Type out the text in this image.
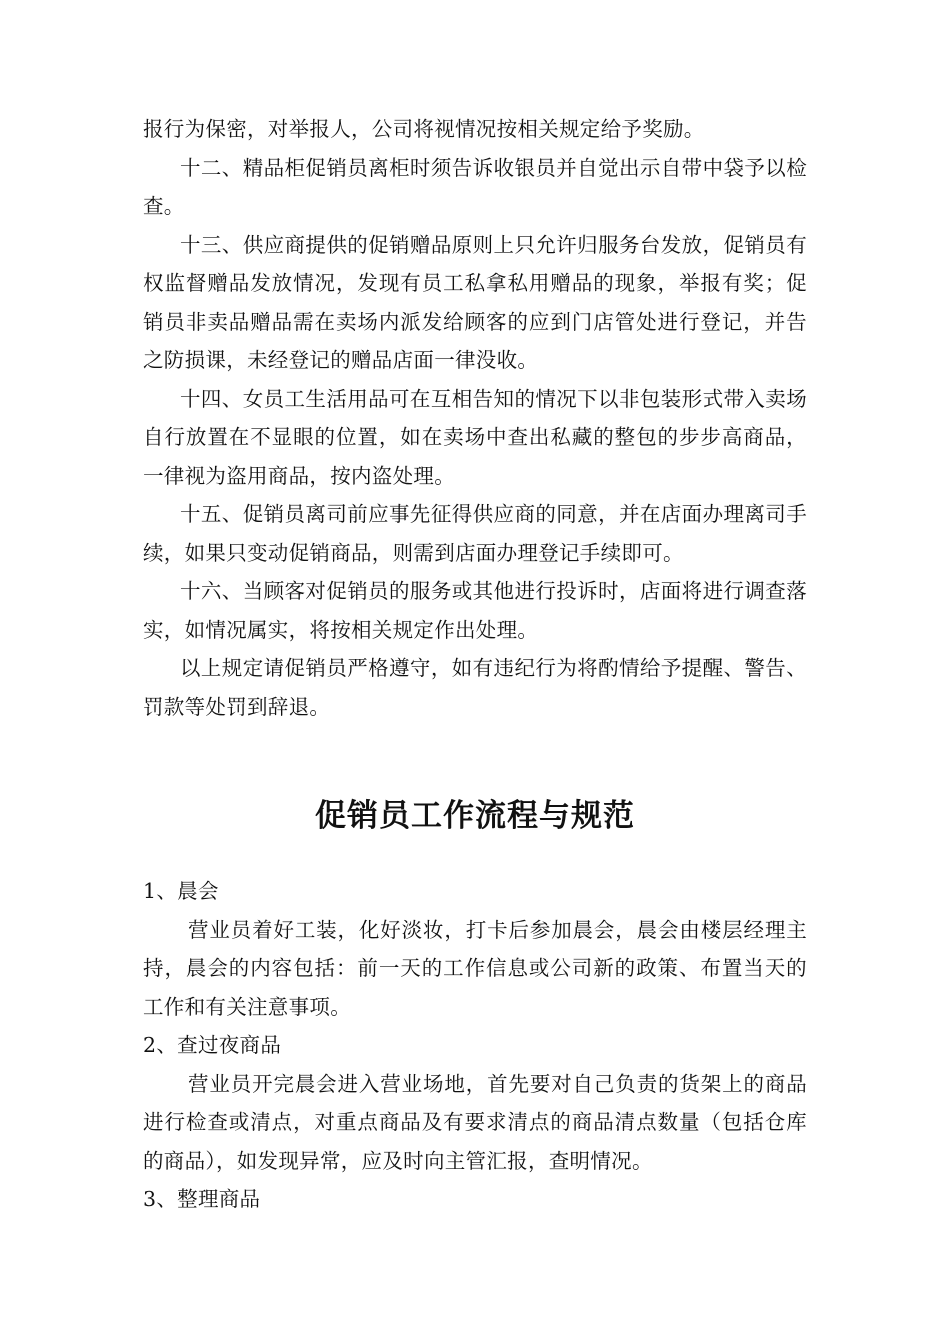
报行为保密，对举报人，公司将视情况按相关规定给予奖励。

十二、精品柜促销员离柜时须告诉收银员并自觉出示自带中袋予以检查。

十三、供应商提供的促销赠品原则上只允许归服务台发放，促销员有权监督赠品发放情况，发现有员工私拿私用赠品的现象，举报有奖；促销员非卖品赠品需在卖场内派发给顾客的应到门店管处进行登记，并告之防损课，未经登记的赠品店面一律没收。

十四、女员工生活用品可在互相告知的情况下以非包装形式带入卖场自行放置在不显眼的位置，如在卖场中查出私藏的整包的步步高商品，一律视为盗用商品，按内盗处理。

十五、促销员离司前应事先征得供应商的同意，并在店面办理离司手续，如果只变动促销商品，则需到店面办理登记手续即可。

十六、当顾客对促销员的服务或其他进行投诉时，店面将进行调查落实，如情况属实，将按相关规定作出处理。

以上规定请促销员严格遵守，如有违纪行为将酌情给予提醒、警告、罚款等处罚到辞退。

促销员工作流程与规范

1、晨会

营业员着好工装，化好淡妆，打卡后参加晨会，晨会由楼层经理主持，晨会的内容包括：前一天的工作信息或公司新的政策、布置当天的工作和有关注意事项。

2、查过夜商品

营业员开完晨会进入营业场地，首先要对自己负责的货架上的商品进行检查或清点，对重点商品及有要求清点的商品清点数量（包括仓库的商品），如发现异常，应及时向主管汇报，查明情况。

3、整理商品
